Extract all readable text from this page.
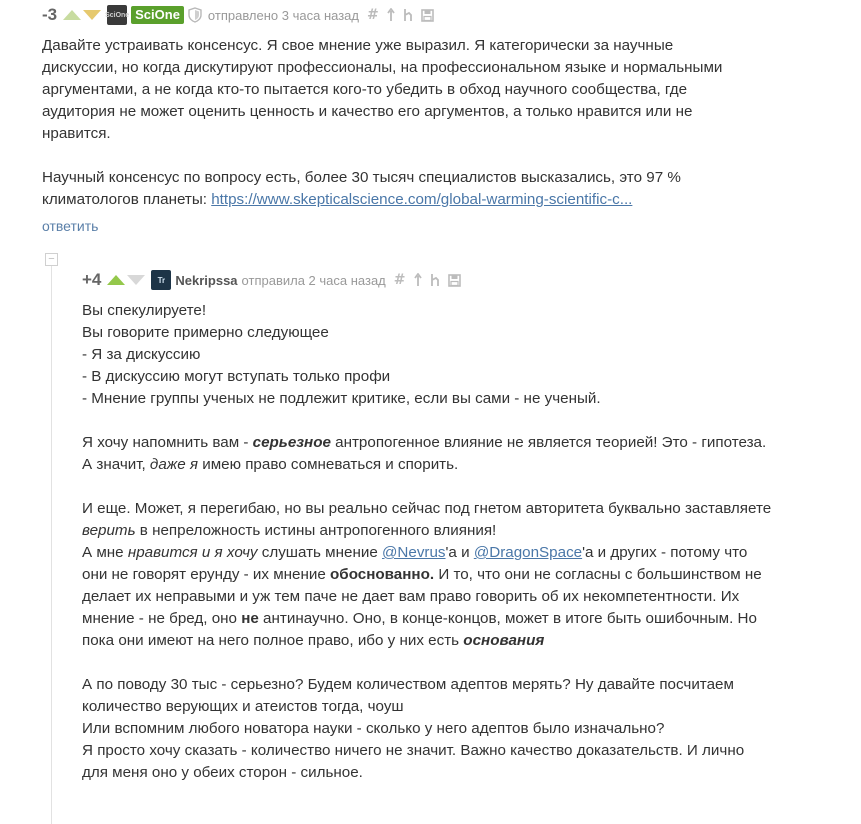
-3	SciOne SciOne	отправлено 3 часа назад #

Давайте устраивать консенсус. Я свое мнение уже выразил. Я категорически за научные дискуссии, но когда дискутируют профессионалы, на профессиональном языке и нормальными аргументами, а не когда кто-то пытается кого-то убедить в обход научного сообщества, где аудитория не может оценить ценность и качество его аргументов, а только нравится или не нравится.

Научный консенсус по вопросу есть, более 30 тысяч специалистов высказались, это 97 % климатологов планеты: https://www.skepticalscience.com/global-warming-scientific-c...

ответить
−
+4	Tr Nekripssa отправила 2 часа назад #

Вы спекулируете!

Вы говорите примерно следующее

- Я за дискуссию

- В дискуссию могут вступать только профи

- Мнение группы ученых не подлежит критике, если вы сами - не ученый.

Я хочу напомнить вам - серьезное антропогенное влияние не является теорией! Это - гипотеза. А значит, даже я имею право сомневаться и спорить.

И еще. Может, я перегибаю, но вы реально сейчас под гнетом авторитета буквально заставляете верить в непреложность истины антропогенного влияния!

А мне нравится и я хочу слушать мнение @Nevrus'а и @DragonSpace'а и других - потому что они не говорят ерунду - их мнение обоснованно. И то, что они не согласны с большинством не делает их неправыми и уж тем паче не дает вам право говорить об их некомпетентности. Их мнение - не бред, оно не антинаучно. Оно, в конце-концов, может в итоге быть ошибочным. Но пока они имеют на него полное право, ибо у них есть основания

А по поводу 30 тыс - серьезно? Будем количеством адептов мерять? Ну давайте посчитаем количество верующих и атеистов тогда, чоуш

Или вспомним любого новатора науки - сколько у него адептов было изначально?

Я просто хочу сказать - количество ничего не значит. Важно качество доказательств. И лично для меня оно у обеих сторон - сильное.
